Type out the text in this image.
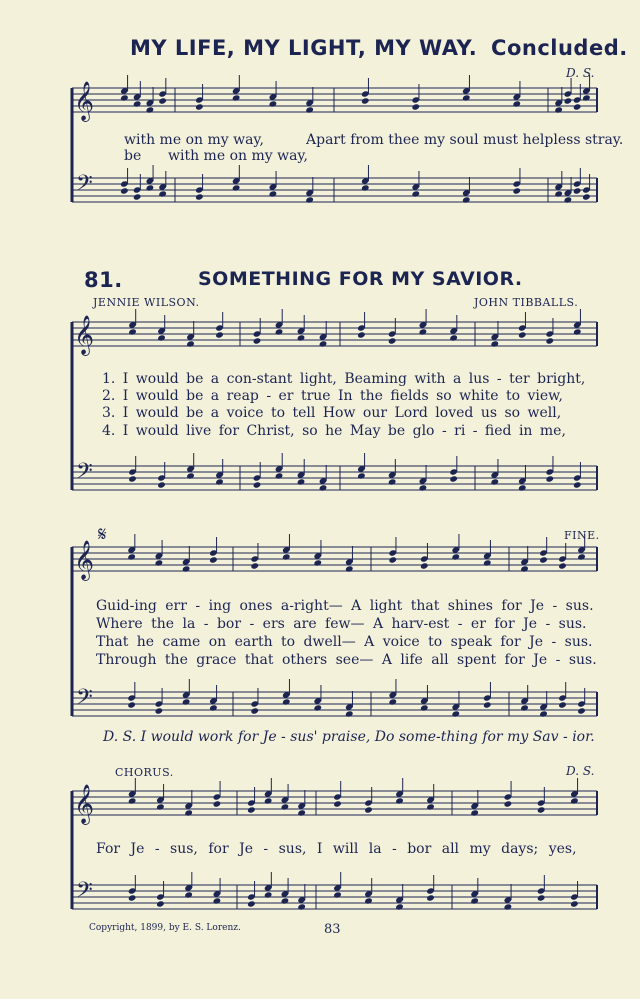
MY LIFE, MY LIGHT, MY WAY. Concluded.
D. S.
𝄞
𝄢
𝄞
𝄢
𝄞
𝄢
𝄞
𝄢
with me on my way,	Apart from thee my soul must helpless stray.
be with me on my way,
81.	SOMETHING FOR MY SAVIOR.
JENNIE WILSON.	JOHN TIBBALLS.
1. I would be a con-stant light, Beaming with a lus - ter bright,
2. I would be a reap - er true In the fields so white to view,
3. I would be a voice to tell How our Lord loved us so well,
4. I would live for Christ, so he May be glo - ri - fied in me,
𝄋	FINE.
Guid-ing err - ing ones a-right— A light that shines for Je - sus.
Where the la - bor - ers are few— A harv-est - er for Je - sus.
That he came on earth to dwell— A voice to speak for Je - sus.
Through the grace that others see— A life all spent for Je - sus.
D. S. I would work for Je - sus' praise, Do some-thing for my Sav - ior.
CHORUS.	D. S.
For Je - sus, for Je - sus, I will la - bor all my days; yes,
Copyright, 1899, by E. S. Lorenz.	83
